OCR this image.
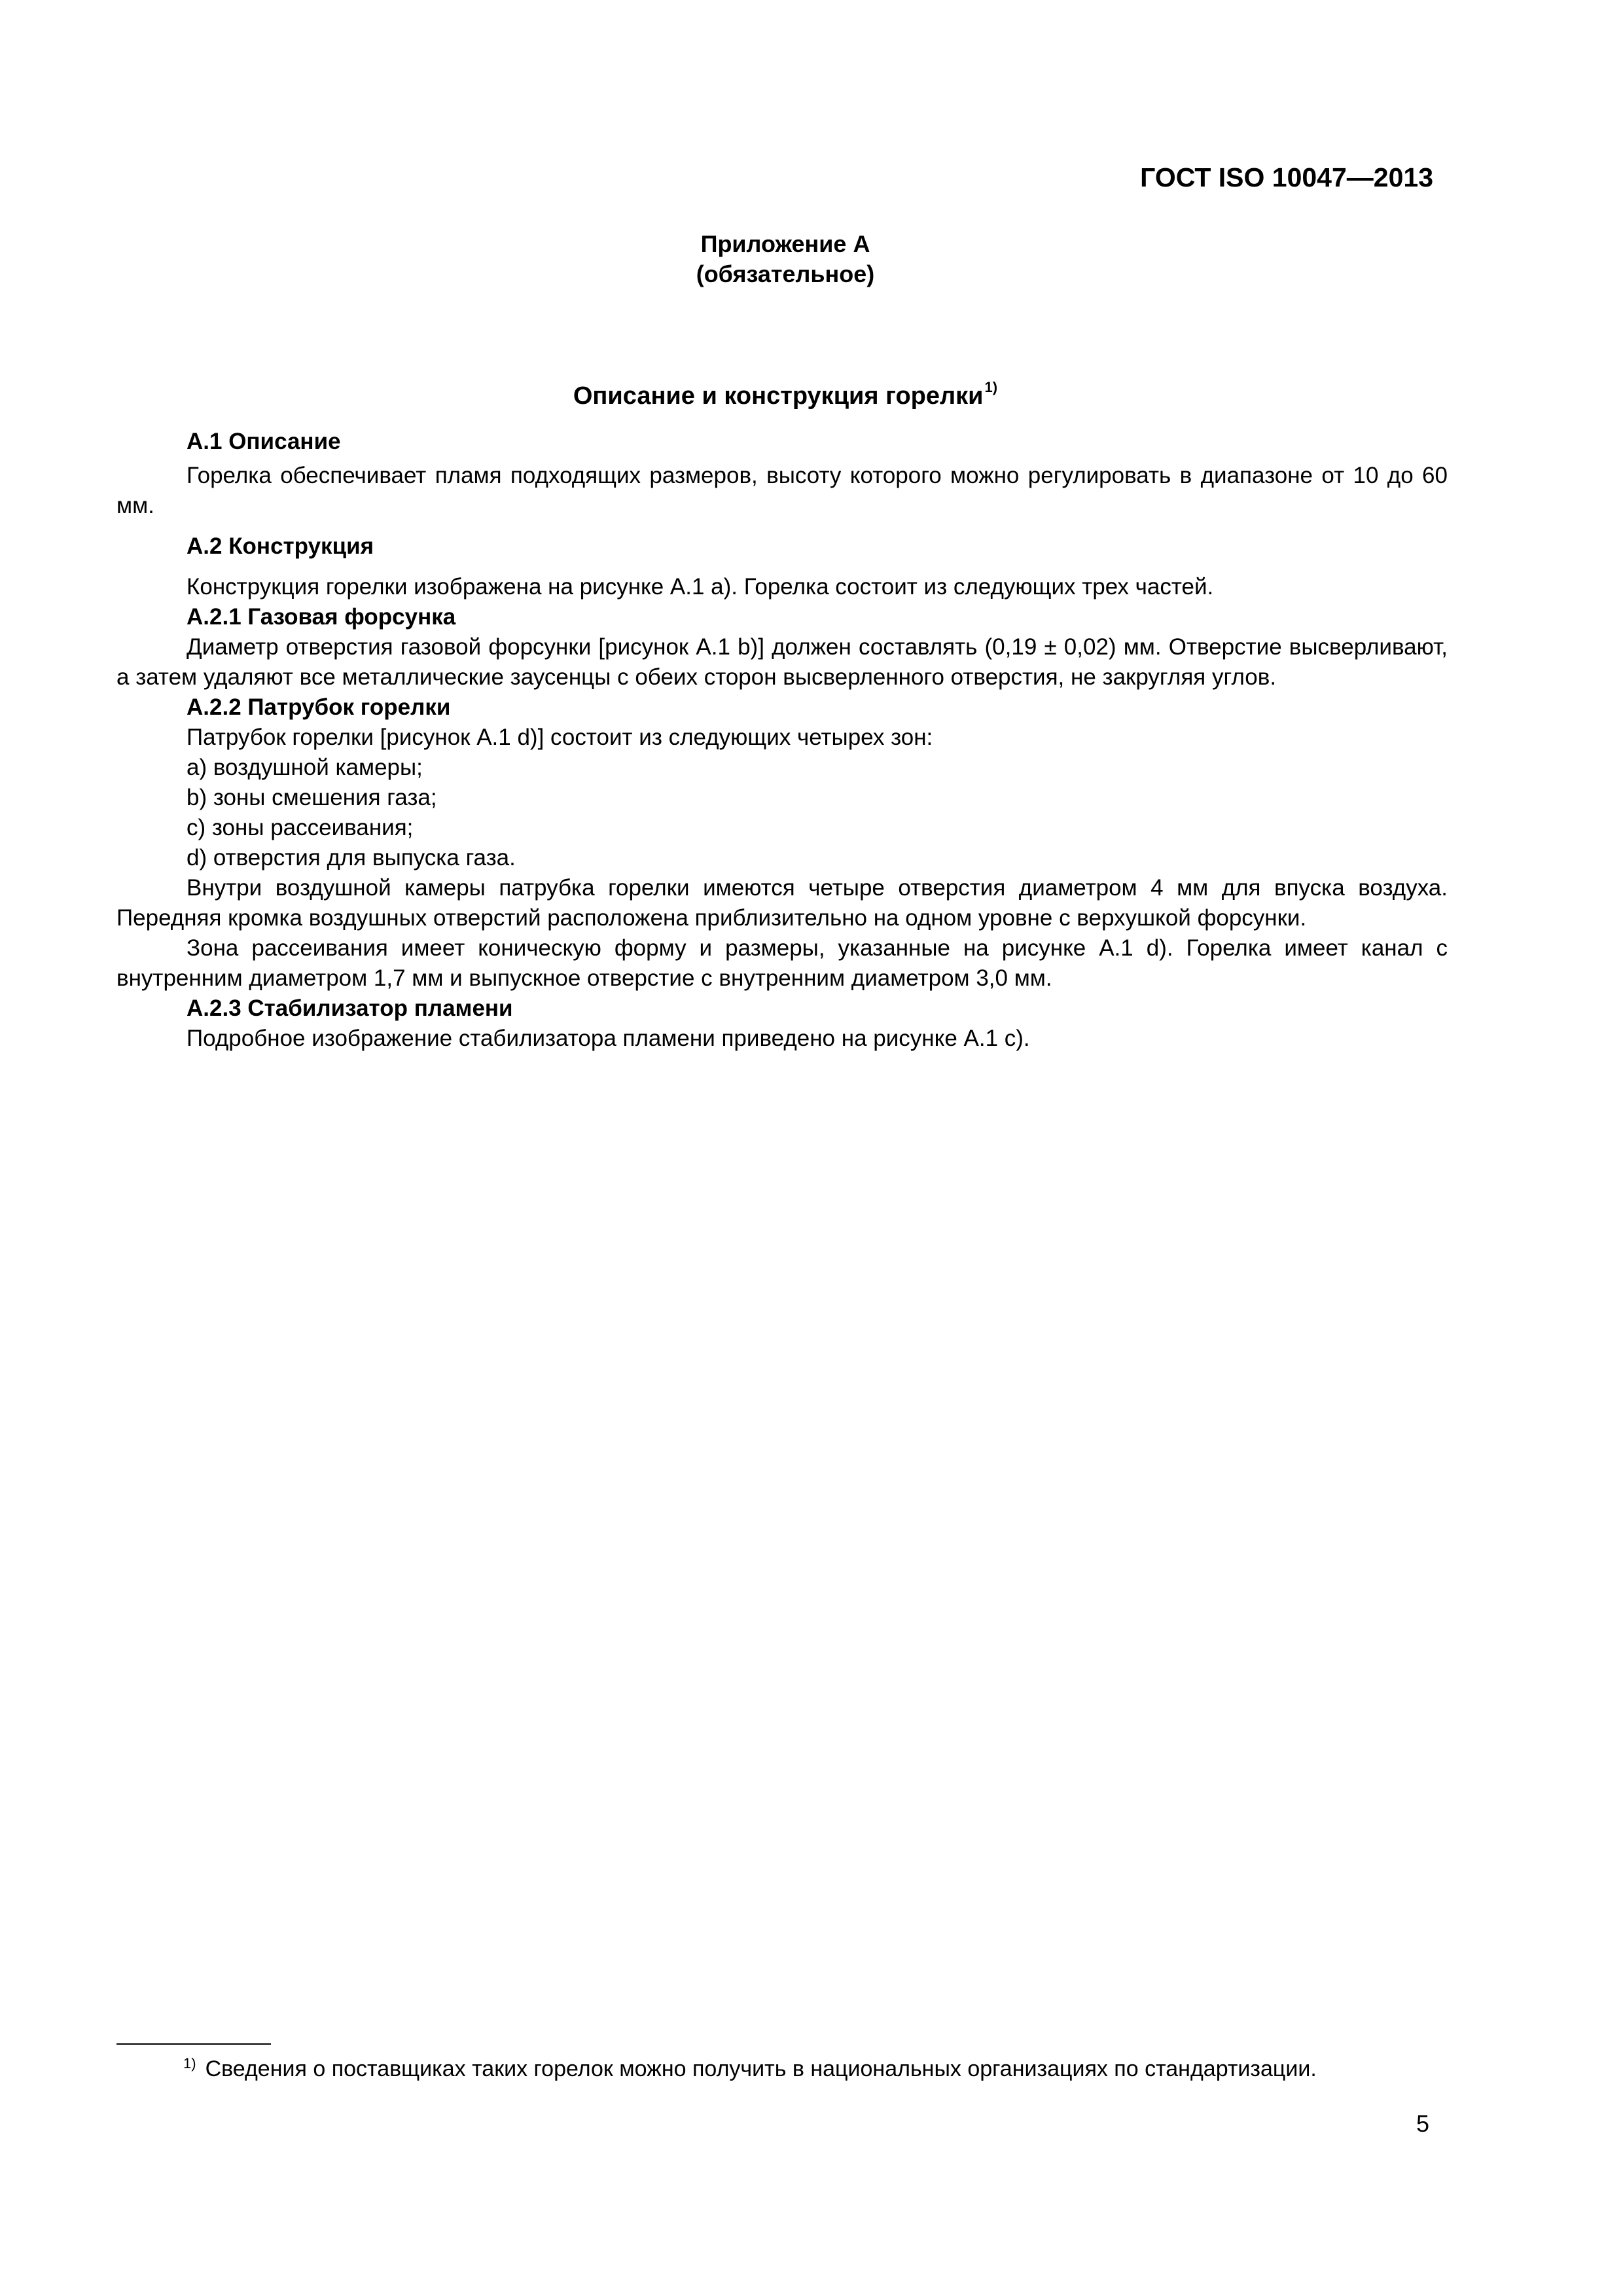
ГОСТ ISO 10047—2013
Приложение А
(обязательное)
Описание и конструкция горелки$^{1)}$

А.1 Описание

Горелка обеспечивает пламя подходящих размеров, высоту которого можно регулировать в диапазоне от 10 до 60 мм.

А.2 Конструкция

Конструкция горелки изображена на рисунке А.1 а). Горелка состоит из следующих трех частей.

А.2.1 Газовая форсунка

Диаметр отверстия газовой форсунки [рисунок А.1 b)] должен составлять (0,19 ± 0,02) мм. Отверстие высверливают, а затем удаляют все металлические заусенцы с обеих сторон высверленного отверстия, не закругляя углов.

А.2.2 Патрубок горелки

Патрубок горелки [рисунок А.1 d)] состоит из следующих четырех зон:

a) воздушной камеры;

b) зоны смешения газа;

c) зоны рассеивания;

d) отверстия для выпуска газа.

Внутри воздушной камеры патрубка горелки имеются четыре отверстия диаметром 4 мм для впуска воздуха. Передняя кромка воздушных отверстий расположена приблизительно на одном уровне с верхушкой форсунки.

Зона рассеивания имеет коническую форму и размеры, указанные на рисунке А.1 d). Горелка имеет канал с внутренним диаметром 1,7 мм и выпускное отверстие с внутренним диаметром 3,0 мм.

А.2.3 Стабилизатор пламени

Подробное изображение стабилизатора пламени приведено на рисунке А.1 с).

$^{1)}$ Сведения о поставщиках таких горелок можно получить в национальных организациях по стандартизации.
5
